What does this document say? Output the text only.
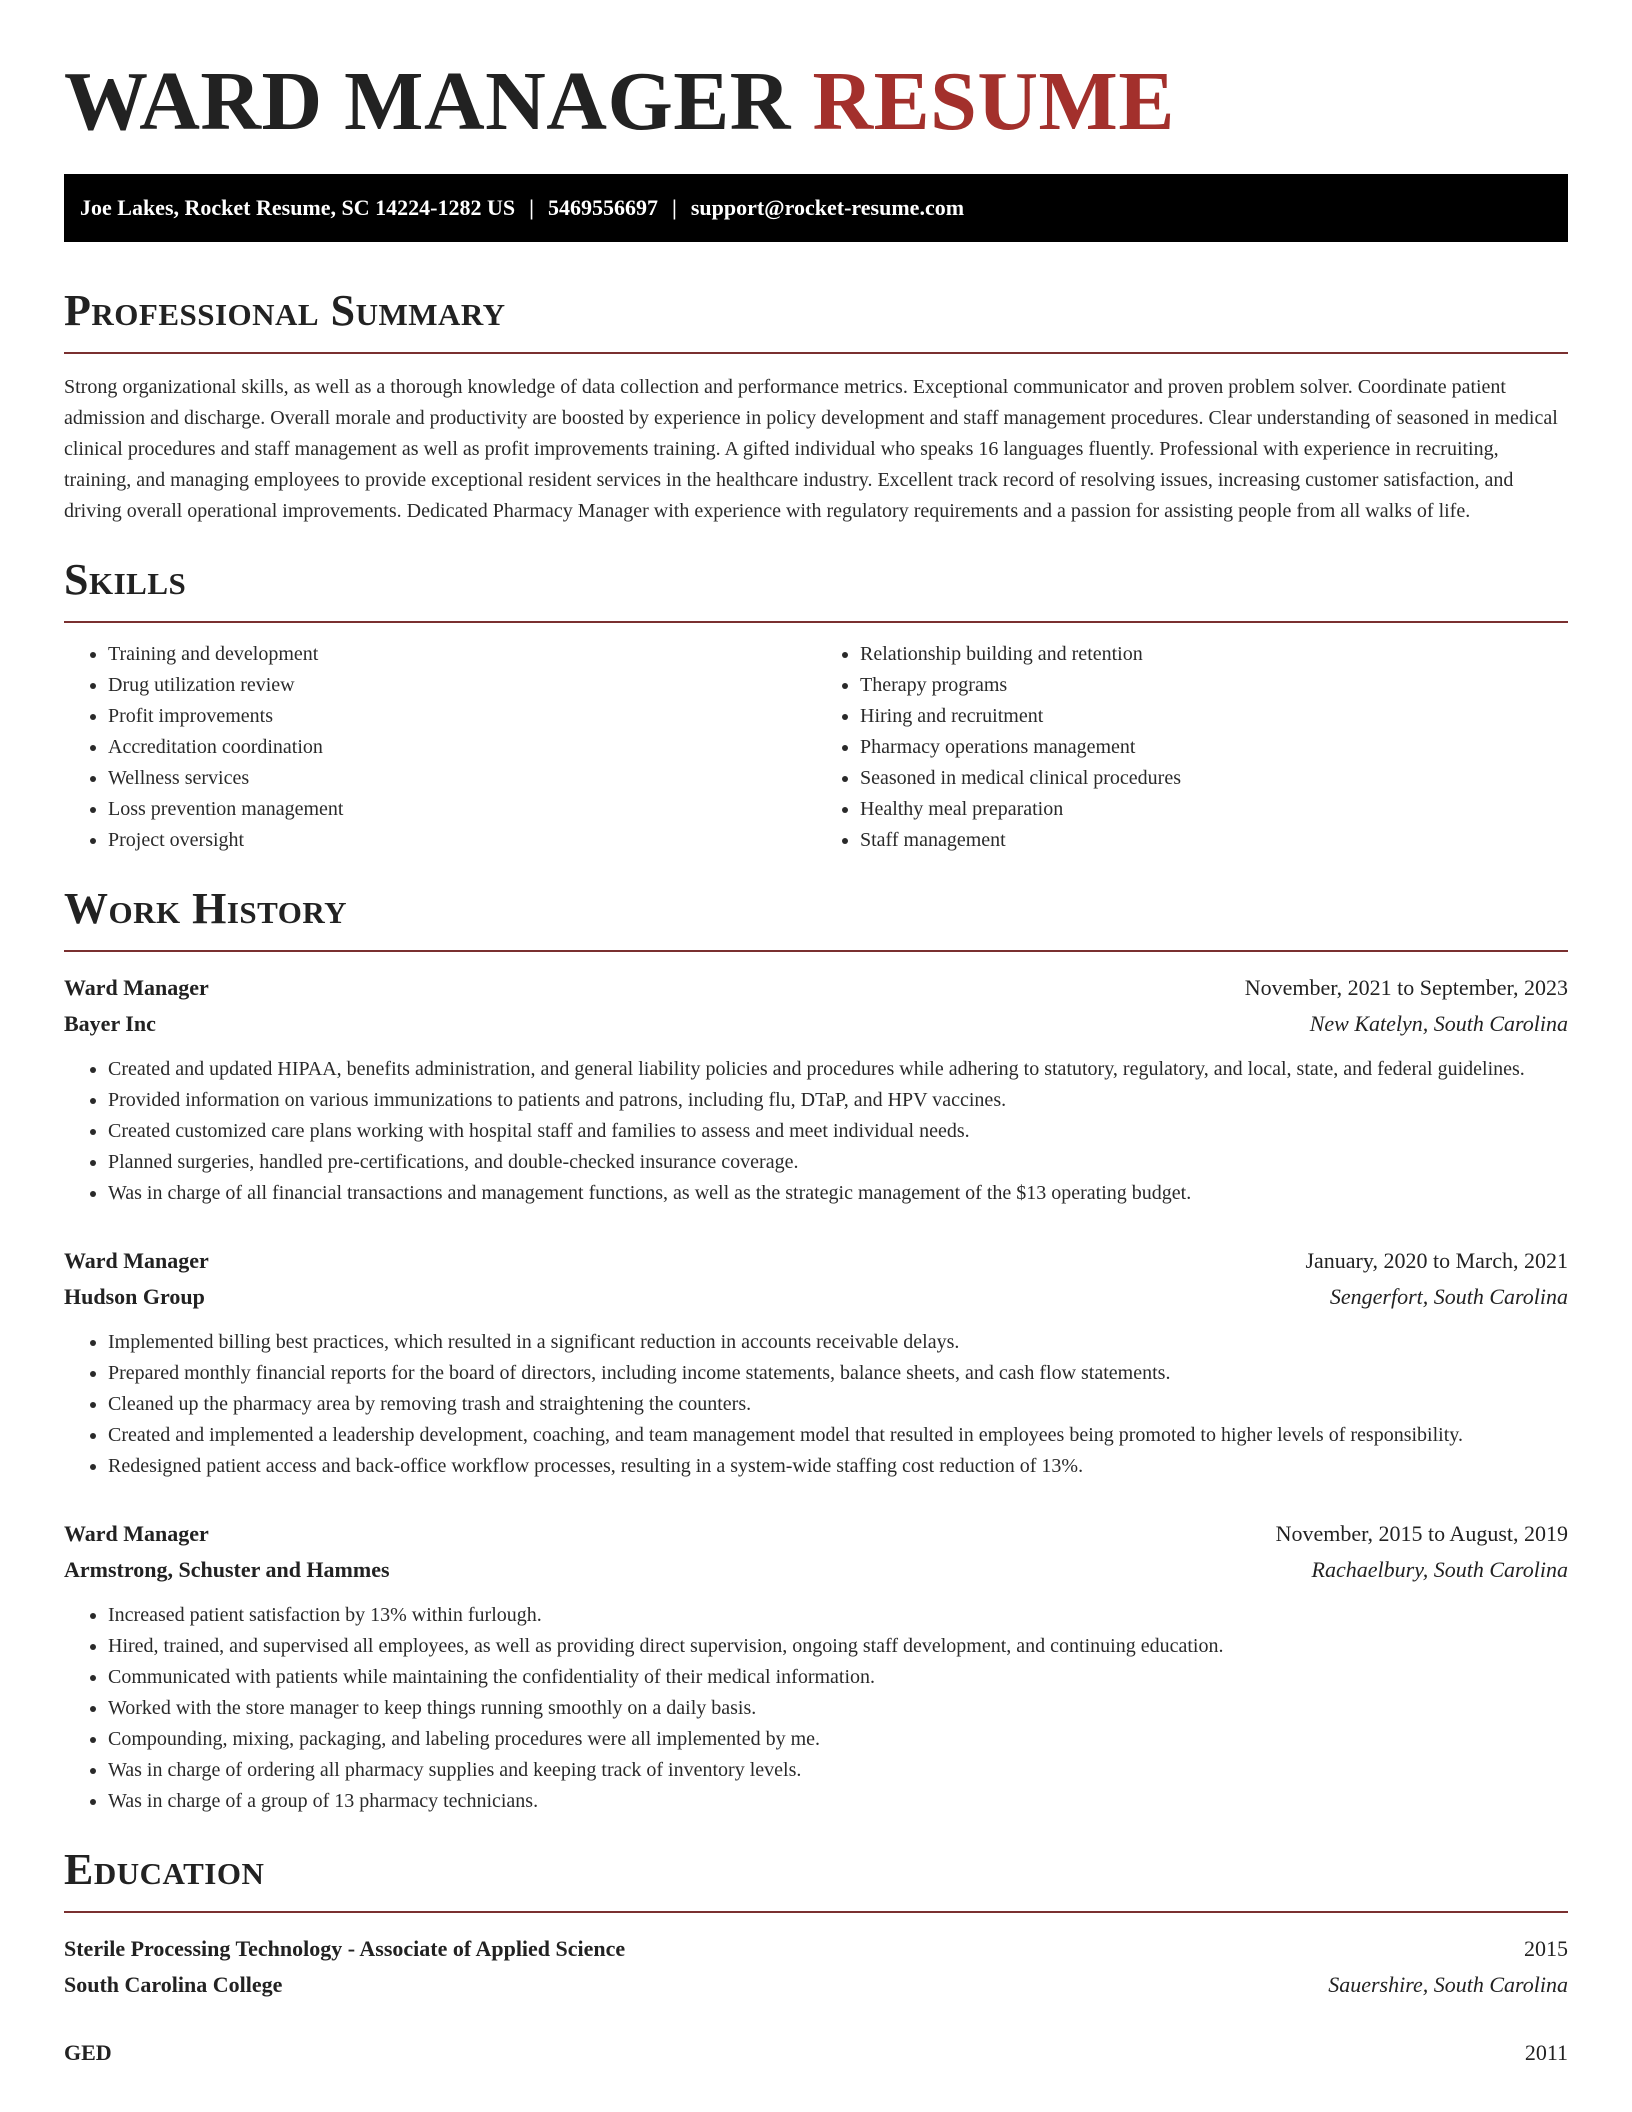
WARD MANAGER RESUME
Joe Lakes, Rocket Resume, SC 14224-1282 US | 5469556697 | support@rocket-resume.com
Professional Summary

Strong organizational skills, as well as a thorough knowledge of data collection and performance metrics. Exceptional communicator and proven problem solver. Coordinate patient admission and discharge. Overall morale and productivity are boosted by experience in policy development and staff management procedures. Clear understanding of seasoned in medical clinical procedures and staff management as well as profit improvements training. A gifted individual who speaks 16 languages fluently. Professional with experience in recruiting, training, and managing employees to provide exceptional resident services in the healthcare industry. Excellent track record of resolving issues, increasing customer satisfaction, and driving overall operational improvements. Dedicated Pharmacy Manager with experience with regulatory requirements and a passion for assisting people from all walks of life.

Skills
• Training and development
• Drug utilization review
• Profit improvements
• Accreditation coordination
• Wellness services
• Loss prevention management
• Project oversight
• Relationship building and retention
• Therapy programs
• Hiring and recruitment
• Pharmacy operations management
• Seasoned in medical clinical procedures
• Healthy meal preparation
• Staff management
Work History
Ward Manager	November, 2021 to September, 2023
Bayer Inc	New Katelyn, South Carolina
• Created and updated HIPAA, benefits administration, and general liability policies and procedures while adhering to statutory, regulatory, and local, state, and federal guidelines.
• Provided information on various immunizations to patients and patrons, including flu, DTaP, and HPV vaccines.
• Created customized care plans working with hospital staff and families to assess and meet individual needs.
• Planned surgeries, handled pre-certifications, and double-checked insurance coverage.
• Was in charge of all financial transactions and management functions, as well as the strategic management of the $13 operating budget.
Ward Manager	January, 2020 to March, 2021
Hudson Group	Sengerfort, South Carolina
• Implemented billing best practices, which resulted in a significant reduction in accounts receivable delays.
• Prepared monthly financial reports for the board of directors, including income statements, balance sheets, and cash flow statements.
• Cleaned up the pharmacy area by removing trash and straightening the counters.
• Created and implemented a leadership development, coaching, and team management model that resulted in employees being promoted to higher levels of responsibility.
• Redesigned patient access and back-office workflow processes, resulting in a system-wide staffing cost reduction of 13%.
Ward Manager	November, 2015 to August, 2019
Armstrong, Schuster and Hammes	Rachaelbury, South Carolina
• Increased patient satisfaction by 13% within furlough.
• Hired, trained, and supervised all employees, as well as providing direct supervision, ongoing staff development, and continuing education.
• Communicated with patients while maintaining the confidentiality of their medical information.
• Worked with the store manager to keep things running smoothly on a daily basis.
• Compounding, mixing, packaging, and labeling procedures were all implemented by me.
• Was in charge of ordering all pharmacy supplies and keeping track of inventory levels.
• Was in charge of a group of 13 pharmacy technicians.
Education
Sterile Processing Technology - Associate of Applied Science	2015
South Carolina College	Sauershire, South Carolina
GED	2011
